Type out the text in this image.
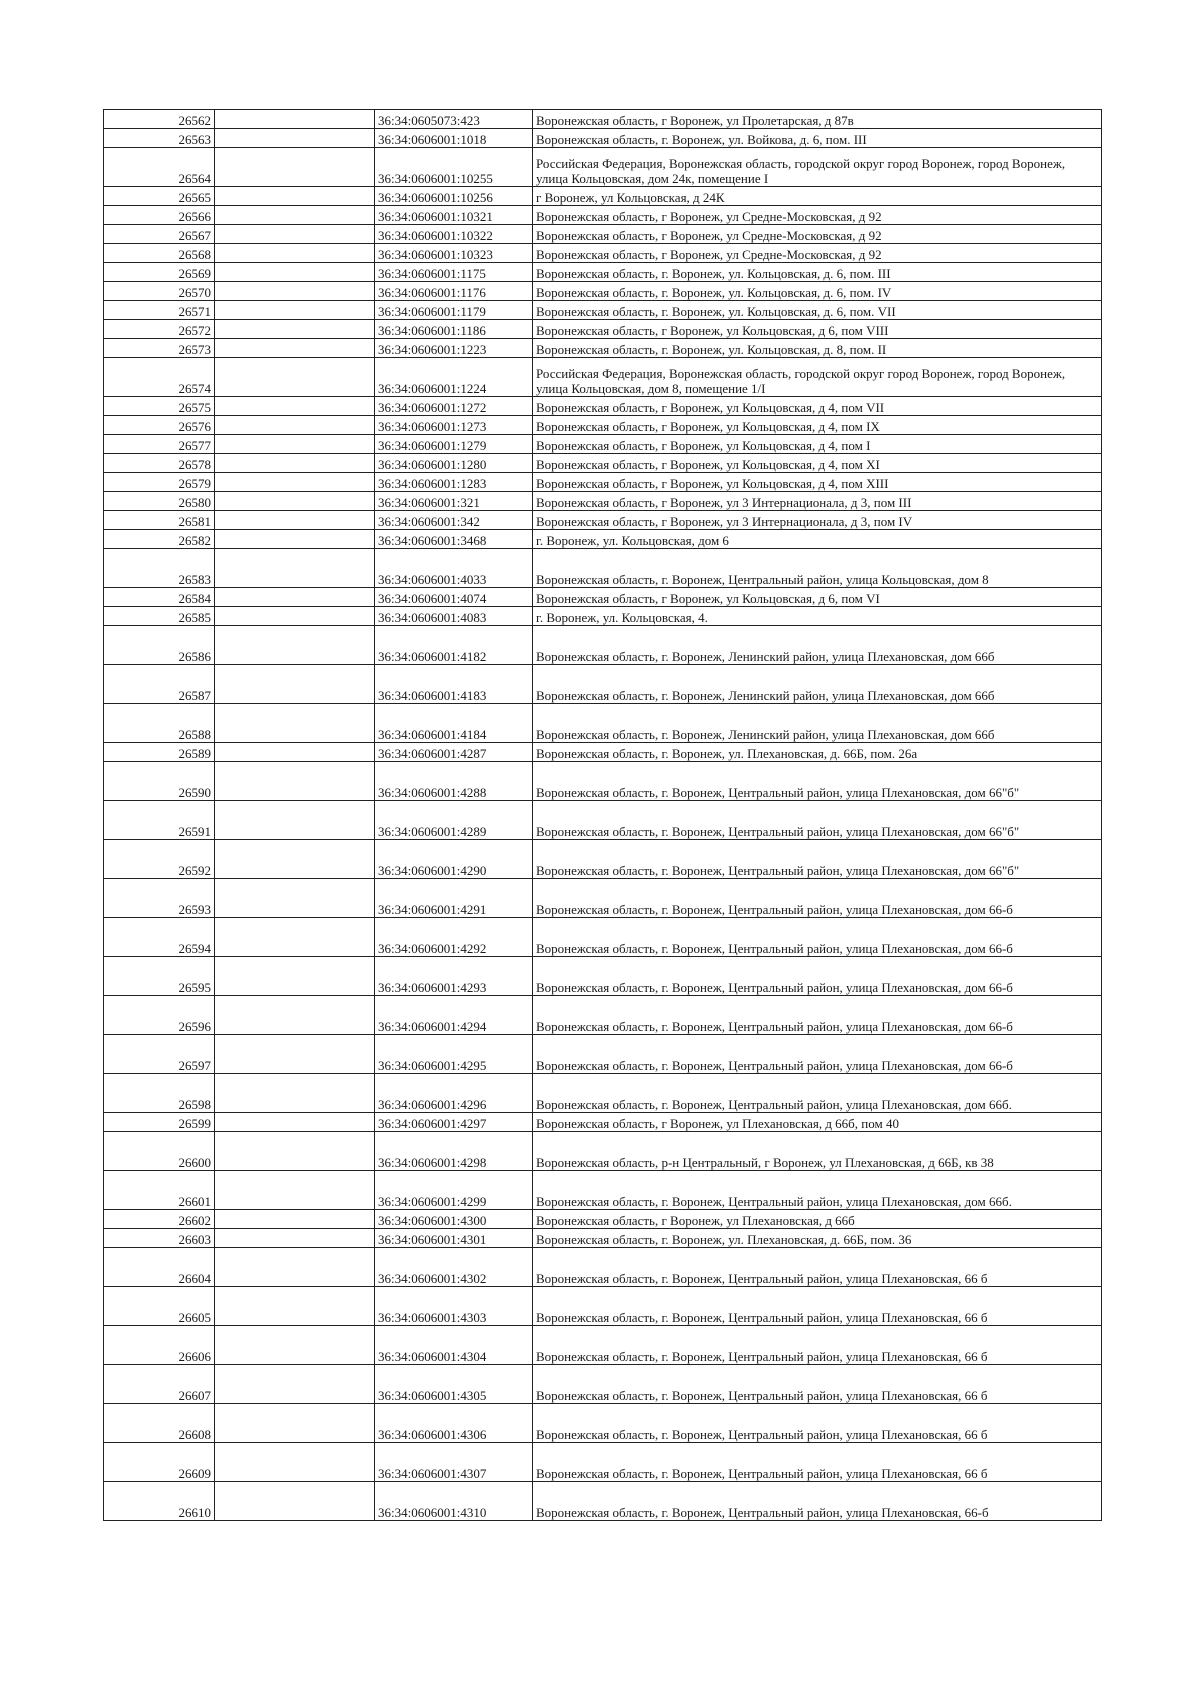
26562		36:34:0605073:423	Воронежская область, г Воронеж, ул Пролетарская, д 87в
26563		36:34:0606001:1018	Воронежская область, г. Воронеж, ул. Войкова, д. 6, пом. III
26564		36:34:0606001:10255	Российская Федерация, Воронежская область, городской округ город Воронеж, город Воронеж, улица Кольцовская, дом 24к, помещение I
26565		36:34:0606001:10256	г Воронеж, ул Кольцовская, д 24К
26566		36:34:0606001:10321	Воронежская область, г Воронеж, ул Средне-Московская, д 92
26567		36:34:0606001:10322	Воронежская область, г Воронеж, ул Средне-Московская, д 92
26568		36:34:0606001:10323	Воронежская область, г Воронеж, ул Средне-Московская, д 92
26569		36:34:0606001:1175	Воронежская область, г. Воронеж, ул. Кольцовская, д. 6, пом. III
26570		36:34:0606001:1176	Воронежская область, г. Воронеж, ул. Кольцовская, д. 6, пом. IV
26571		36:34:0606001:1179	Воронежская область, г. Воронеж, ул. Кольцовская, д. 6, пом. VII
26572		36:34:0606001:1186	Воронежская область, г Воронеж, ул Кольцовская, д 6, пом VIII
26573		36:34:0606001:1223	Воронежская область, г. Воронеж, ул. Кольцовская, д. 8, пом. II
26574		36:34:0606001:1224	Российская Федерация, Воронежская область, городской округ город Воронеж, город Воронеж, улица Кольцовская, дом 8, помещение 1/I
26575		36:34:0606001:1272	Воронежская область, г Воронеж, ул Кольцовская, д 4, пом VII
26576		36:34:0606001:1273	Воронежская область, г Воронеж, ул Кольцовская, д 4, пом IX
26577		36:34:0606001:1279	Воронежская область, г Воронеж, ул Кольцовская, д 4, пом I
26578		36:34:0606001:1280	Воронежская область, г Воронеж, ул Кольцовская, д 4, пом XI
26579		36:34:0606001:1283	Воронежская область, г Воронеж, ул Кольцовская, д 4, пом XIII
26580		36:34:0606001:321	Воронежская область, г Воронеж, ул 3 Интернационала, д 3, пом III
26581		36:34:0606001:342	Воронежская область, г Воронеж, ул 3 Интернационала, д 3, пом IV
26582		36:34:0606001:3468	г. Воронеж, ул. Кольцовская, дом 6
26583		36:34:0606001:4033	Воронежская область, г. Воронеж, Центральный район, улица Кольцовская, дом 8
26584		36:34:0606001:4074	Воронежская область, г Воронеж, ул Кольцовская, д 6, пом VI
26585		36:34:0606001:4083	г. Воронеж, ул. Кольцовская, 4.
26586		36:34:0606001:4182	Воронежская область, г. Воронеж, Ленинский район, улица Плехановская, дом 66б
26587		36:34:0606001:4183	Воронежская область, г. Воронеж, Ленинский район, улица Плехановская, дом 66б
26588		36:34:0606001:4184	Воронежская область, г. Воронеж, Ленинский район, улица Плехановская, дом 66б
26589		36:34:0606001:4287	Воронежская область, г. Воронеж, ул. Плехановская, д. 66Б, пом. 26а
26590		36:34:0606001:4288	Воронежская область, г. Воронеж, Центральный район, улица Плехановская, дом 66"б"
26591		36:34:0606001:4289	Воронежская область, г. Воронеж, Центральный район, улица Плехановская, дом 66"б"
26592		36:34:0606001:4290	Воронежская область, г. Воронеж, Центральный район, улица Плехановская, дом 66"б"
26593		36:34:0606001:4291	Воронежская область, г. Воронеж, Центральный район, улица Плехановская, дом 66-б
26594		36:34:0606001:4292	Воронежская область, г. Воронеж, Центральный район, улица Плехановская, дом 66-б
26595		36:34:0606001:4293	Воронежская область, г. Воронеж, Центральный район, улица Плехановская, дом 66-б
26596		36:34:0606001:4294	Воронежская область, г. Воронеж, Центральный район, улица Плехановская, дом 66-б
26597		36:34:0606001:4295	Воронежская область, г. Воронеж, Центральный район, улица Плехановская, дом 66-б
26598		36:34:0606001:4296	Воронежская область, г. Воронеж, Центральный район, улица Плехановская, дом 66б.
26599		36:34:0606001:4297	Воронежская область, г Воронеж, ул Плехановская, д 66б, пом 40
26600		36:34:0606001:4298	Воронежская область, р-н Центральный, г Воронеж, ул Плехановская, д 66Б, кв 38
26601		36:34:0606001:4299	Воронежская область, г. Воронеж, Центральный район, улица Плехановская, дом 66б.
26602		36:34:0606001:4300	Воронежская область, г Воронеж, ул Плехановская, д 66б
26603		36:34:0606001:4301	Воронежская область, г. Воронеж, ул. Плехановская, д. 66Б, пом. 36
26604		36:34:0606001:4302	Воронежская область, г. Воронеж, Центральный район, улица Плехановская, 66 б
26605		36:34:0606001:4303	Воронежская область, г. Воронеж, Центральный район, улица Плехановская, 66 б
26606		36:34:0606001:4304	Воронежская область, г. Воронеж, Центральный район, улица Плехановская, 66 б
26607		36:34:0606001:4305	Воронежская область, г. Воронеж, Центральный район, улица Плехановская, 66 б
26608		36:34:0606001:4306	Воронежская область, г. Воронеж, Центральный район, улица Плехановская, 66 б
26609		36:34:0606001:4307	Воронежская область, г. Воронеж, Центральный район, улица Плехановская, 66 б
26610		36:34:0606001:4310	Воронежская область, г. Воронеж, Центральный район, улица Плехановская, 66-б
